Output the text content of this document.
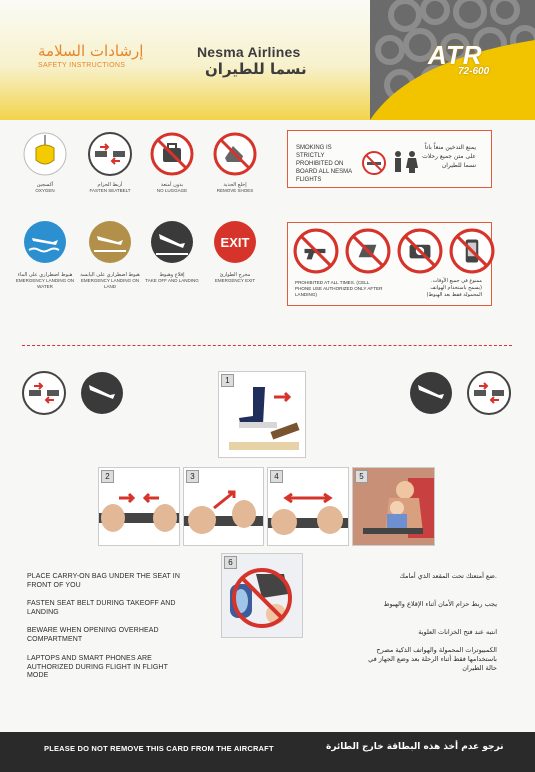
إرشادات السلامة
SAFETY INSTRUCTIONS
Nesma Airlines
نسما للطيران	ATR
72-600
أكسجين
OXYGEN
أربط الحزام
FASTEN SEATBELT
بدون أمتعة
NO LUGGAGE
إخلع الحذية
REMOVE SHOES
هبوط اضطراري على الماء
EMERGENCY LANDING ON WATER
هبوط اضطراري على اليابسة
EMERGENCY LANDING ON LAND
إقلاع وهبوط
TAKE OFF AND LANDING
EXIT
مخرج الطوارئ
EMERGENCY EXIT
SMOKING IS STRICTLY PROHIBITED ON BOARD ALL NESMA FLIGHTS
يمنع التدخين منعاً باتاً على متن جميع رحلات نسما للطيران
PROHIBITED AT ALL TIMES. (CELL PHONE USE AUTHORIZED ONLY AFTER LANDING)
ممنوع في جميع الأوقات. (يسمح باستخدام الهواتف المحمولة فقط بعد الهبوط)
1
2	3	4	5
6
PLACE CARRY-ON BAG UNDER THE SEAT IN FRONT OF YOU
FASTEN SEAT BELT DURING TAKEOFF AND LANDING
BEWARE WHEN OPENING OVERHEAD COMPARTMENT
LAPTOPS AND SMART PHONES ARE AUTHORIZED DURING FLIGHT IN FLIGHT MODE
ضع أمتعتك تحت المقعد الذي أمامك.
يجب ربط حزام الأمان أثناء الإقلاع والهبوط
انتبه عند فتح الخزانات العلوية
الكمبيوترات المحمولة والهواتف الذكية مصرح باستخدامها فقط أثناء الرحلة بعد وضع الجهاز في حالة الطيران
PLEASE DO NOT REMOVE THIS CARD FROM THE AIRCRAFT	نرجو عدم أخذ هذه البطاقة خارج الطائرة
